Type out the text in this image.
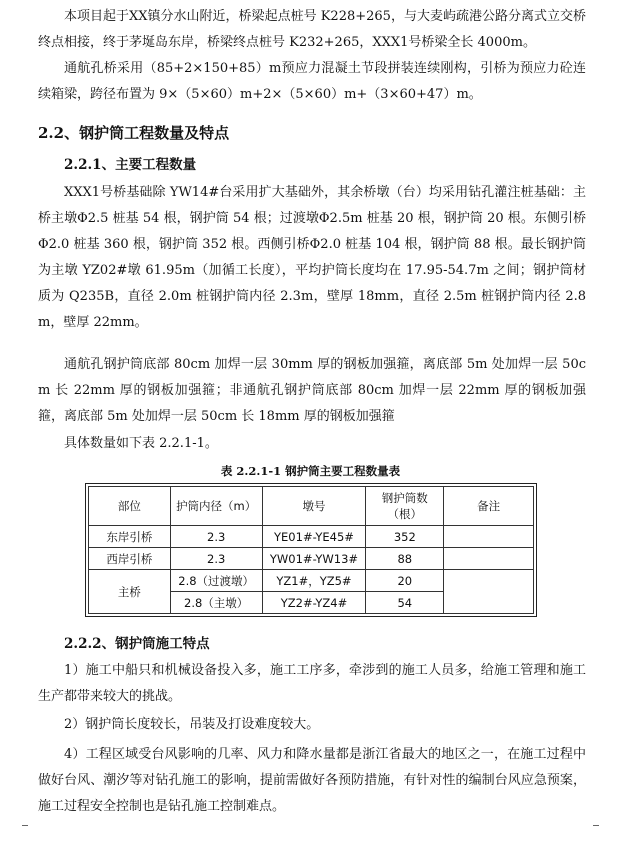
本项目起于XX镇分水山附近，桥梁起点桩号 K228+265，与大麦屿疏港公路分离式立交桥终点相接，终于茅埏岛东岸，桥梁终点桩号 K232+265，XXX1号桥梁全长 4000m。

通航孔桥采用（85+2×150+85）m预应力混凝土节段拼装连续刚构，引桥为预应力砼连续箱梁，跨径布置为 9×（5×60）m+2×（5×60）m+（3×60+47）m。

2.2、钢护筒工程数量及特点
2.2.1、主要工程数量

XXX1号桥基础除 YW14#台采用扩大基础外，其余桥墩（台）均采用钻孔灌注桩基础：主桥主墩Φ2.5 桩基 54 根，钢护筒 54 根；过渡墩Φ2.5m 桩基 20 根，钢护筒 20 根。东侧引桥Φ2.0 桩基 360 根，钢护筒 352 根。西侧引桥Φ2.0 桩基 104 根，钢护筒 88 根。最长钢护筒为主墩 YZ02#墩 61.95m（加循工长度），平均护筒长度均在 17.95-54.7m 之间；钢护筒材质为 Q235B，直径 2.0m 桩钢护筒内径 2.3m，壁厚 18mm，直径 2.5m 桩钢护筒内径 2.8m，壁厚 22mm。

通航孔钢护筒底部 80cm 加焊一层 30mm 厚的钢板加强箍，离底部 5m 处加焊一层 50cm 长 22mm 厚的钢板加强箍；非通航孔钢护筒底部 80cm 加焊一层 22mm 厚的钢板加强箍，离底部 5m 处加焊一层 50cm 长 18mm 厚的钢板加强箍

具体数量如下表 2.2.1-1。

表 2.2.1-1 钢护筒主要工程数量表
部位	护筒内径（m）	墩号	钢护筒数（根）	备注
东岸引桥	2.3	YE01#-YE45#	352	
西岸引桥	2.3	YW01#-YW13#	88	
主桥	2.8（过渡墩）	YZ1#，YZ5#	20	
	2.8（主墩）	YZ2#-YZ4#	54	
2.2.2、钢护筒施工特点

1）施工中船只和机械设备投入多，施工工序多，牵涉到的施工人员多，给施工管理和施工生产都带来较大的挑战。

2）钢护筒长度较长，吊装及打设难度较大。

4）工程区域受台风影响的几率、风力和降水量都是浙江省最大的地区之一，在施工过程中做好台风、潮汐等对钻孔施工的影响，提前需做好各预防措施，有针对性的编制台风应急预案，施工过程安全控制也是钻孔施工控制难点。
